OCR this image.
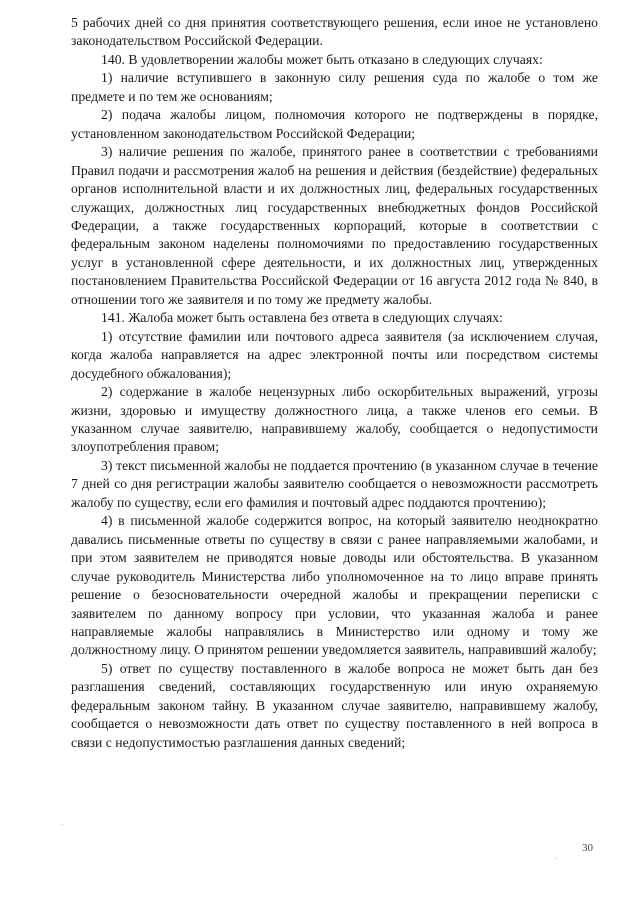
5 рабочих дней со дня принятия соответствующего решения, если иное не установлено законодательством Российской Федерации.

140. В удовлетворении жалобы может быть отказано в следующих случаях:

1) наличие вступившего в законную силу решения суда по жалобе о том же предмете и по тем же основаниям;

2) подача жалобы лицом, полномочия которого не подтверждены в порядке, установленном законодательством Российской Федерации;

3) наличие решения по жалобе, принятого ранее в соответствии с требованиями Правил подачи и рассмотрения жалоб на решения и действия (бездействие) федеральных органов исполнительной власти и их должностных лиц, федеральных государственных служащих, должностных лиц государственных внебюджетных фондов Российской Федерации, а также государственных корпораций, которые в соответствии с федеральным законом наделены полномочиями по предоставлению государственных услуг в установленной сфере деятельности, и их должностных лиц, утвержденных постановлением Правительства Российской Федерации от 16 августа 2012 года № 840, в отношении того же заявителя и по тому же предмету жалобы.

141. Жалоба может быть оставлена без ответа в следующих случаях:

1) отсутствие фамилии или почтового адреса заявителя (за исключением случая, когда жалоба направляется на адрес электронной почты или посредством системы досудебного обжалования);

2) содержание в жалобе нецензурных либо оскорбительных выражений, угрозы жизни, здоровью и имуществу должностного лица, а также членов его семьи. В указанном случае заявителю, направившему жалобу, сообщается о недопустимости злоупотребления правом;

3) текст письменной жалобы не поддается прочтению (в указанном случае в течение 7 дней со дня регистрации жалобы заявителю сообщается о невозможности рассмотреть жалобу по существу, если его фамилия и почтовый адрес поддаются прочтению);

4) в письменной жалобе содержится вопрос, на который заявителю неоднократно давались письменные ответы по существу в связи с ранее направляемыми жалобами, и при этом заявителем не приводятся новые доводы или обстоятельства. В указанном случае руководитель Министерства либо уполномоченное на то лицо вправе принять решение о безосновательности очередной жалобы и прекращении переписки с заявителем по данному вопросу при условии, что указанная жалоба и ранее направляемые жалобы направлялись в Министерство или одному и тому же должностному лицу. О принятом решении уведомляется заявитель, направивший жалобу;

5) ответ по существу поставленного в жалобе вопроса не может быть дан без разглашения сведений, составляющих государственную или иную охраняемую федеральным законом тайну. В указанном случае заявителю, направившему жалобу, сообщается о невозможности дать ответ по существу поставленного в ней вопроса в связи с недопустимостью разглашения данных сведений;

30
